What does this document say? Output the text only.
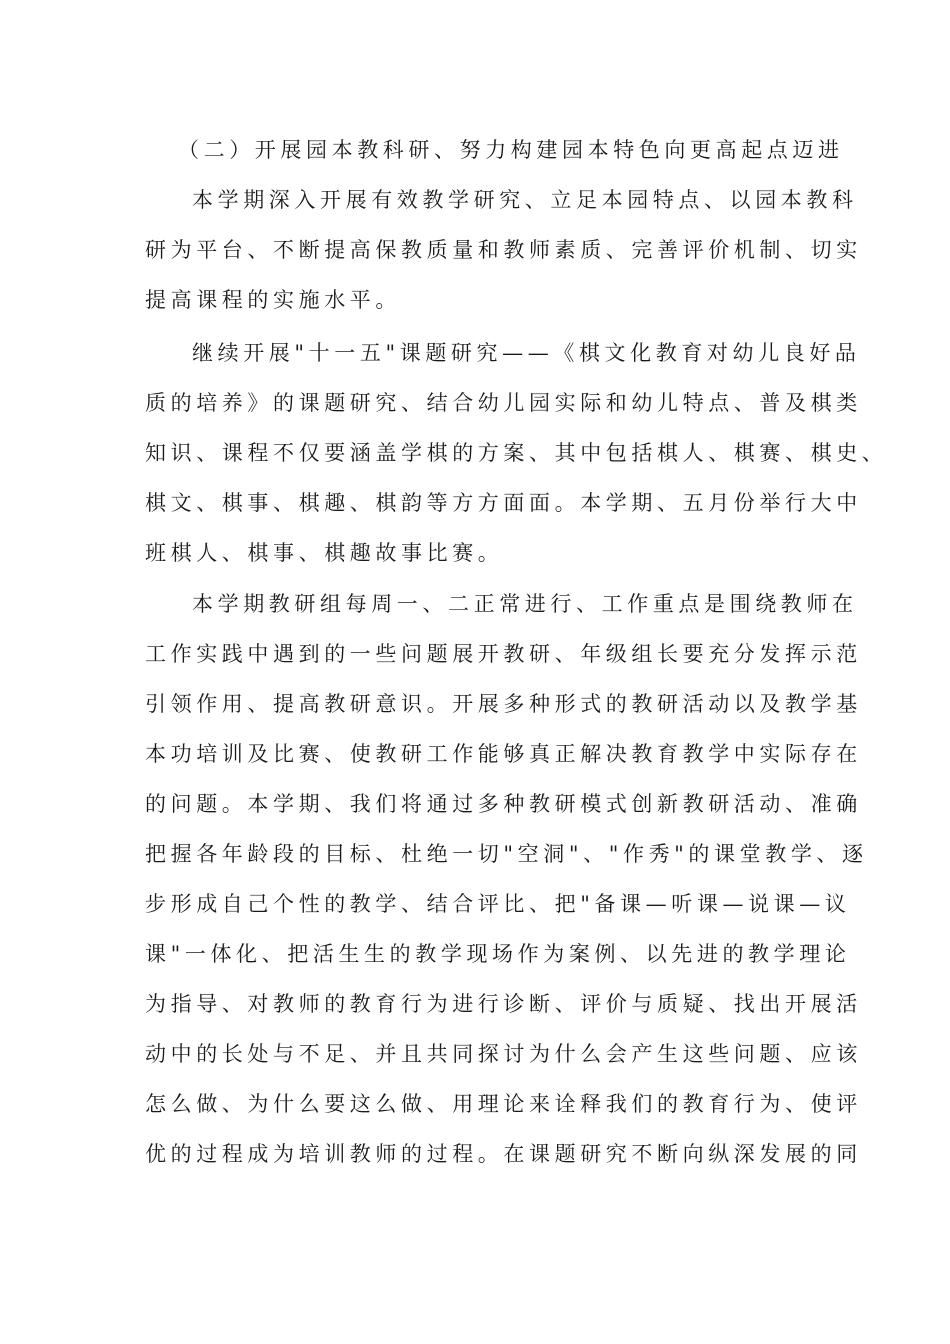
（二）开展园本教科研、努力构建园本特色向更高起点迈进
本学期深入开展有效教学研究、立足本园特点、以园本教科
研为平台、不断提高保教质量和教师素质、完善评价机制、切实
提高课程的实施水平。
继续开展"十一五"课题研究——《棋文化教育对幼儿良好品
质的培养》的课题研究、结合幼儿园实际和幼儿特点、普及棋类
知识、课程不仅要涵盖学棋的方案、其中包括棋人、棋赛、棋史、
棋文、棋事、棋趣、棋韵等方方面面。本学期、五月份举行大中
班棋人、棋事、棋趣故事比赛。
本学期教研组每周一、二正常进行、工作重点是围绕教师在
工作实践中遇到的一些问题展开教研、年级组长要充分发挥示范
引领作用、提高教研意识。开展多种形式的教研活动以及教学基
本功培训及比赛、使教研工作能够真正解决教育教学中实际存在
的问题。本学期、我们将通过多种教研模式创新教研活动、准确
把握各年龄段的目标、杜绝一切"空洞"、"作秀"的课堂教学、逐
步形成自己个性的教学、结合评比、把"备课—听课—说课—议
课"一体化、把活生生的教学现场作为案例、以先进的教学理论
为指导、对教师的教育行为进行诊断、评价与质疑、找出开展活
动中的长处与不足、并且共同探讨为什么会产生这些问题、应该
怎么做、为什么要这么做、用理论来诠释我们的教育行为、使评
优的过程成为培训教师的过程。在课题研究不断向纵深发展的同
